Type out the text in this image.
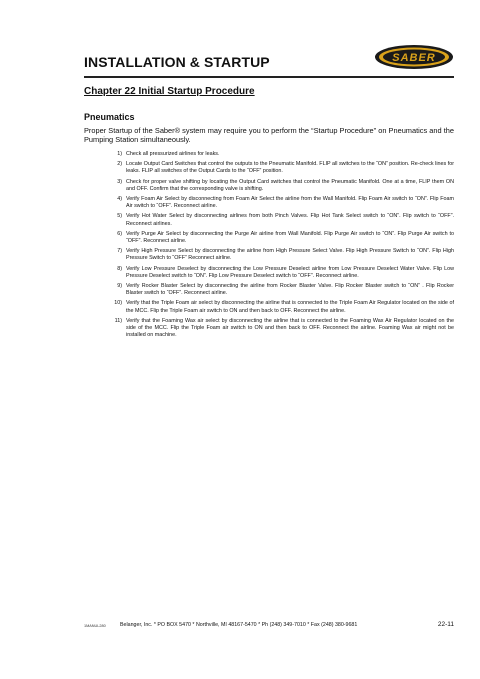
INSTALLATION & STARTUP	SABER
Chapter 22 Initial Startup Procedure
Pneumatics
Proper Startup of the Saber® system may require you to perform the “Startup Procedure” on Pneumatics and the Pumping Station simultaneously.
1) Check all pressurized airlines for leaks.
2) Locate Output Card Switches that control the outputs to the Pneumatic Manifold. FLIP all switches to the “ON” position. Re-check lines for leaks. FLIP all switches of the Output Cards to the “OFF” position.
3) Check for proper valve shifting by locating the Output Card switches that control the Pneumatic Manifold. One at a time, FLIP them ON and OFF. Confirm that the corresponding valve is shifting.
4) Verify Foam Air Select by disconnecting from Foam Air Select the airline from the Wall Manifold. Flip Foam Air switch to “ON”. Flip Foam Air switch to “OFF”. Reconnect airline.
5) Verify Hot Water Select by disconnecting airlines from both Pinch Valves. Flip Hot Tank Select switch to “ON”. Flip switch to “OFF”. Reconnect airlines.
6) Verify Purge Air Select by disconnecting the Purge Air airline from Wall Manifold. Flip Purge Air switch to “ON”. Flip Purge Air switch to “OFF”. Reconnect airline.
7) Verify High Pressure Select by disconnecting the airline from High Pressure Select Valve. Flip High Pressure Switch to “ON”. Flip High Pressure Switch to “OFF” Reconnect airline.
8) Verify Low Pressure Deselect by disconnecting the Low Pressure Deselect airline from Low Pressure Deselect Water Valve. Flip Low Pressure Deselect switch to “ON”. Flip Low Pressure Deselect switch to “OFF”. Reconnect airline.
9) Verify Rocker Blaster Select by disconnecting the airline from Rocker Blaster Valve. Flip Rocker Blaster switch to “ON” . Flip Rocker Blaster switch to “OFF”. Reconnect airline.
10) Verify that the Triple Foam air select by disconnecting the airline that is connected to the Triple Foam Air Regulator located on the side of the MCC. Flip the Triple Foam air switch to ON and then back to OFF. Reconnect the airline.
11) Verify that the Foaming Wax air select by disconnecting the airline that is connected to the Foaming Wax Air Regulator located on the side of the MCC. Flip the Triple Foam air switch to ON and then back to OFF. Reconnect the airline. Foaming Wax air might not be installed on machine.
1MANUL280	Belanger, Inc. * PO BOX 5470 * Northville, MI 48167-5470 * Ph (248) 349-7010 * Fax (248) 380-9681	22-11
